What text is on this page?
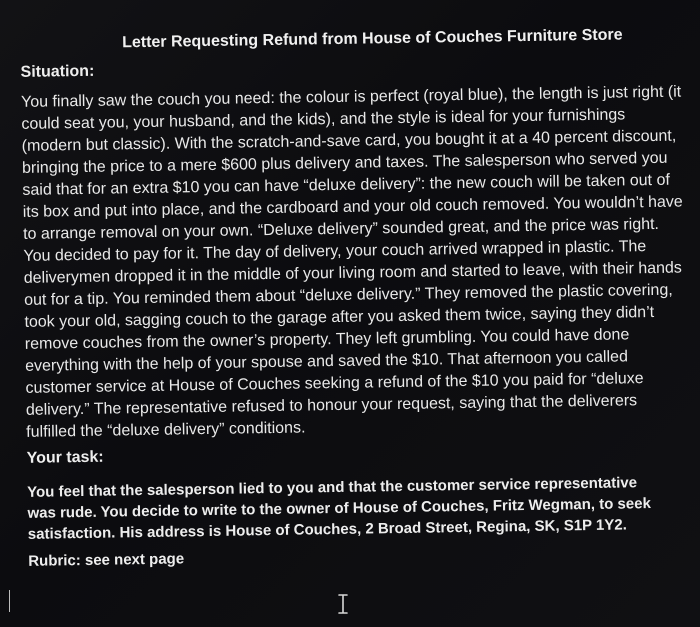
Letter Requesting Refund from House of Couches Furniture Store
Situation:

You finally saw the couch you need: the colour is perfect (royal blue), the length is just right (it could seat you, your husband, and the kids), and the style is ideal for your furnishings (modern but classic). With the scratch-and-save card, you bought it at a 40 percent discount, bringing the price to a mere $600 plus delivery and taxes. The salesperson who served you said that for an extra $10 you can have “deluxe delivery”: the new couch will be taken out of its box and put into place, and the cardboard and your old couch removed. You wouldn’t have to arrange removal on your own. “Deluxe delivery” sounded great, and the price was right. You decided to pay for it. The day of delivery, your couch arrived wrapped in plastic. The deliverymen dropped it in the middle of your living room and started to leave, with their hands out for a tip. You reminded them about “deluxe delivery.” They removed the plastic covering, took your old, sagging couch to the garage after you asked them twice, saying they didn’t remove couches from the owner’s property. They left grumbling. You could have done everything with the help of your spouse and saved the $10. That afternoon you called customer service at House of Couches seeking a refund of the $10 you paid for “deluxe delivery.” The representative refused to honour your request, saying that the deliverers fulfilled the “deluxe delivery” conditions.

Your task:

You feel that the salesperson lied to you and that the customer service representative was rude. You decide to write to the owner of House of Couches, Fritz Wegman, to seek satisfaction. His address is House of Couches, 2 Broad Street, Regina, SK, S1P 1Y2.

Rubric: see next page
